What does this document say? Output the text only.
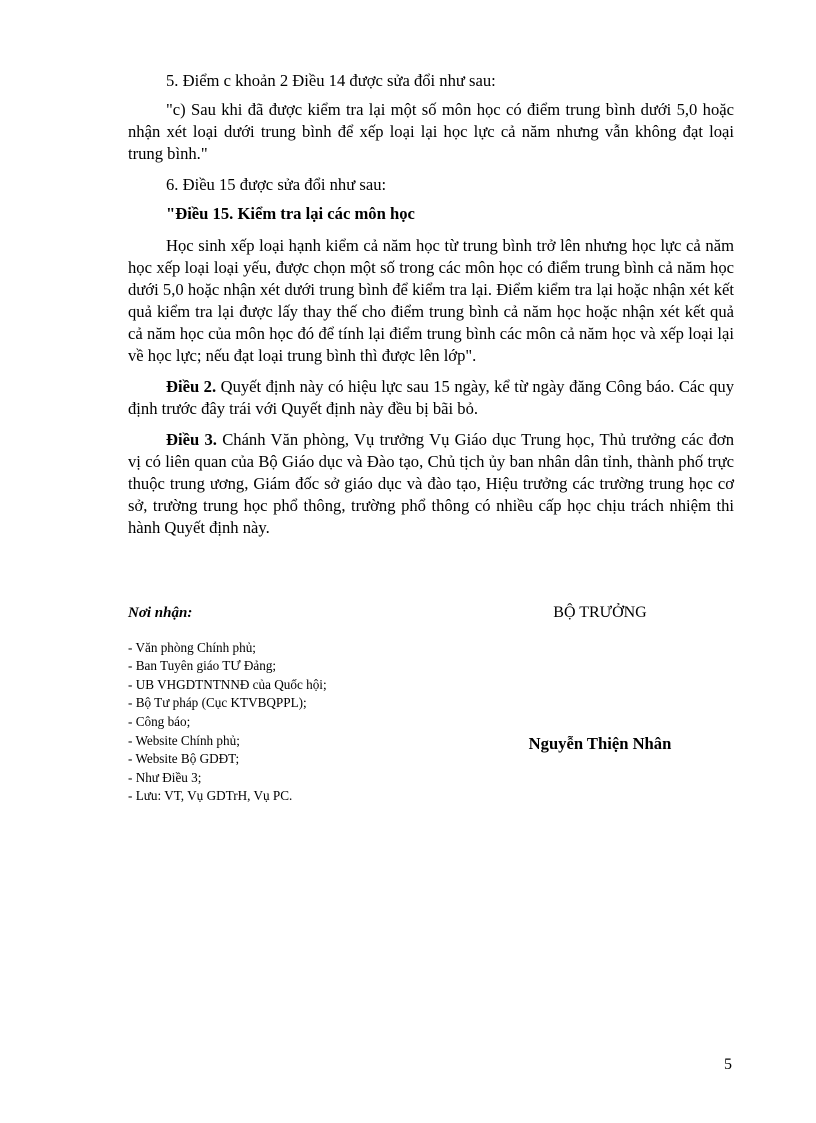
5. Điểm c khoản 2 Điều 14 được sửa đổi như sau:

"c) Sau khi đã được kiểm tra lại một số môn học có điểm trung bình dưới 5,0 hoặc nhận xét loại dưới trung bình để xếp loại lại học lực cả năm nhưng vẫn không đạt loại trung bình."

6. Điều 15 được sửa đổi như sau:

"Điều 15. Kiểm tra lại các môn học

Học sinh xếp loại hạnh kiểm cả năm học từ trung bình trở lên nhưng học lực cả năm học xếp loại loại yếu, được chọn một số trong các môn học có điểm trung bình cả năm học dưới 5,0 hoặc nhận xét dưới trung bình để kiểm tra lại. Điểm kiểm tra lại hoặc nhận xét kết quả kiểm tra lại được lấy thay thế cho điểm trung bình cả năm học hoặc nhận xét kết quả cả năm học của môn học đó để tính lại điểm trung bình các môn cả năm học và xếp loại lại về học lực; nếu đạt loại trung bình thì được lên lớp".

Điều 2. Quyết định này có hiệu lực sau 15 ngày, kể từ ngày đăng Công báo. Các quy định trước đây trái với Quyết định này đều bị bãi bỏ.

Điều 3. Chánh Văn phòng, Vụ trưởng Vụ Giáo dục Trung học, Thủ trưởng các đơn vị có liên quan của Bộ Giáo dục và Đào tạo, Chủ tịch ủy ban nhân dân tỉnh, thành phố trực thuộc trung ương, Giám đốc sở giáo dục và đào tạo, Hiệu trưởng các trường trung học cơ sở, trường trung học phổ thông, trường phổ thông có nhiều cấp học chịu trách nhiệm thi hành Quyết định này.

Nơi nhận:
- Văn phòng Chính phủ;
- Ban Tuyên giáo TƯ Đảng;
- UB VHGDTNTNNĐ của Quốc hội;
- Bộ Tư pháp (Cục KTVBQPPL);
- Công báo;
- Website Chính phủ;
- Website Bộ GDĐT;
- Như Điều 3;
- Lưu: VT, Vụ GDTrH, Vụ PC.
BỘ TRƯỞNG
Nguyễn Thiện Nhân
5
